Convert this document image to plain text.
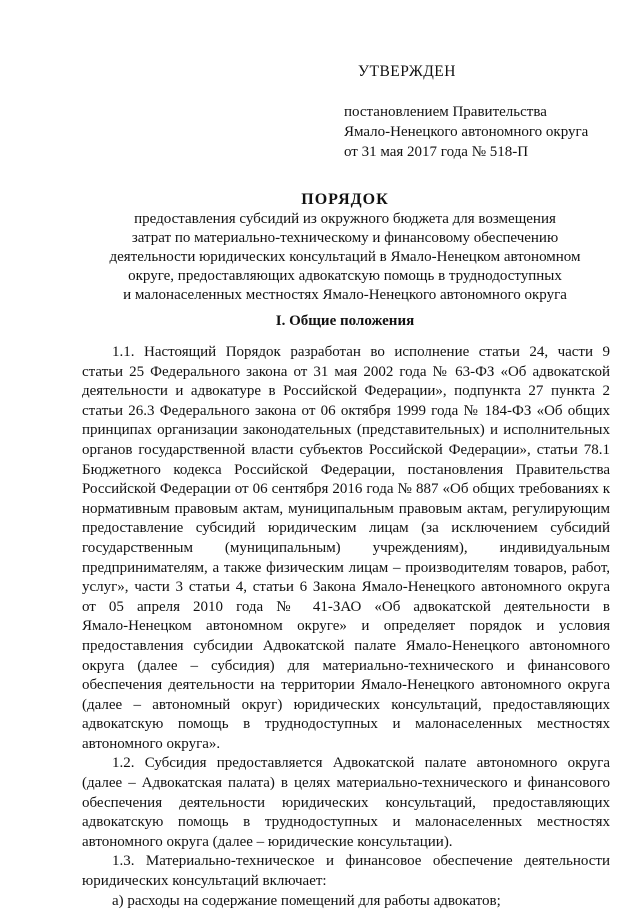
УТВЕРЖДЕН
постановлением Правительства
Ямало-Ненецкого автономного округа
от 31 мая 2017 года № 518-П
ПОРЯДОК
предоставления субсидий из окружного бюджета для возмещения
затрат по материально-техническому и финансовому обеспечению
деятельности юридических консультаций в Ямало-Ненецком автономном
округе, предоставляющих адвокатскую помощь в труднодоступных
и малонаселенных местностях Ямало-Ненецкого автономного округа
I. Общие положения
1.1. Настоящий Порядок разработан во исполнение статьи 24, части 9
статьи 25 Федерального закона от 31 мая 2002 года № 63-ФЗ «Об адвокатской
деятельности и адвокатуре в Российской Федерации», подпункта 27 пункта 2
статьи 26.3 Федерального закона от 06 октября 1999 года № 184-ФЗ «Об общих
принципах организации законодательных (представительных) и исполнительных
органов государственной власти субъектов Российской Федерации», статьи 78.1
Бюджетного кодекса Российской Федерации, постановления Правительства
Российской Федерации от 06 сентября 2016 года № 887 «Об общих требованиях к
нормативным правовым актам, муниципальным правовым актам, регулирующим
предоставление субсидий юридическим лицам (за исключением субсидий
государственным (муниципальным) учреждениям), индивидуальным
предпринимателям, а также физическим лицам – производителям товаров, работ,
услуг», части 3 статьи 4, статьи 6 Закона Ямало-Ненецкого автономного округа
от 05 апреля 2010 года № 41-ЗАО «Об адвокатской деятельности в
Ямало-Ненецком автономном округе» и определяет порядок и условия
предоставления субсидии Адвокатской палате Ямало-Ненецкого автономного
округа (далее – субсидия) для материально-технического и финансового
обеспечения деятельности на территории Ямало-Ненецкого автономного округа
(далее – автономный округ) юридических консультаций, предоставляющих
адвокатскую помощь в труднодоступных и малонаселенных местностях
автономного округа».
1.2. Субсидия предоставляется Адвокатской палате автономного округа
(далее – Адвокатская палата) в целях материально-технического и финансового
обеспечения деятельности юридических консультаций, предоставляющих
адвокатскую помощь в труднодоступных и малонаселенных местностях
автономного округа (далее – юридические консультации).
1.3. Материально-техническое и финансовое обеспечение деятельности
юридических консультаций включает:
а) расходы на содержание помещений для работы адвокатов;
